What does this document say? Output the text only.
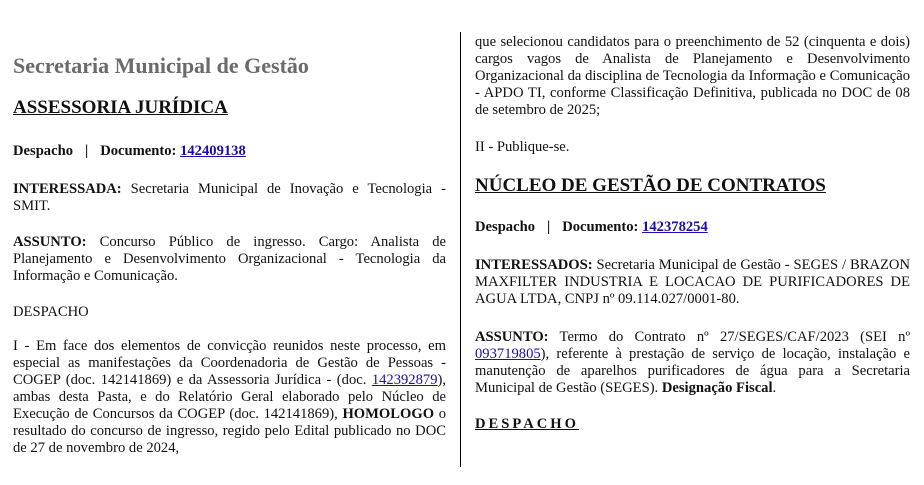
Secretaria Municipal de Gestão
ASSESSORIA JURÍDICA
Despacho | Documento: 142409138

INTERESSADA: Secretaria Municipal de Inovação e Tecnologia - SMIT.

ASSUNTO: Concurso Público de ingresso. Cargo: Analista de Planejamento e Desenvolvimento Organizacional - Tecnologia da Informação e Comunicação.

DESPACHO

I - Em face dos elementos de convicção reunidos neste processo, em especial as manifestações da Coordenadoria de Gestão de Pessoas - COGEP (doc. 142141869) e da Assessoria Jurídica - (doc. 142392879), ambas desta Pasta, e do Relatório Geral elaborado pelo Núcleo de Execução de Concursos da COGEP (doc. 142141869), HOMOLOGO o resultado do concurso de ingresso, regido pelo Edital publicado no DOC de 27 de novembro de 2024,

que selecionou candidatos para o preenchimento de 52 (cinquenta e dois) cargos vagos de Analista de Planejamento e Desenvolvimento Organizacional da disciplina de Tecnologia da Informação e Comunicação - APDO TI, conforme Classificação Definitiva, publicada no DOC de 08 de setembro de 2025;

II - Publique-se.

NÚCLEO DE GESTÃO DE CONTRATOS
Despacho | Documento: 142378254

INTERESSADOS: Secretaria Municipal de Gestão - SEGES / BRAZON MAXFILTER INDUSTRIA E LOCACAO DE PURIFICADORES DE AGUA LTDA, CNPJ nº 09.114.027/0001-80.

ASSUNTO: Termo do Contrato nº 27/SEGES/CAF/2023 (SEI nº 093719805), referente à prestação de serviço de locação, instalação e manutenção de aparelhos purificadores de água para a Secretaria Municipal de Gestão (SEGES). Designação Fiscal.

DESPACHO
